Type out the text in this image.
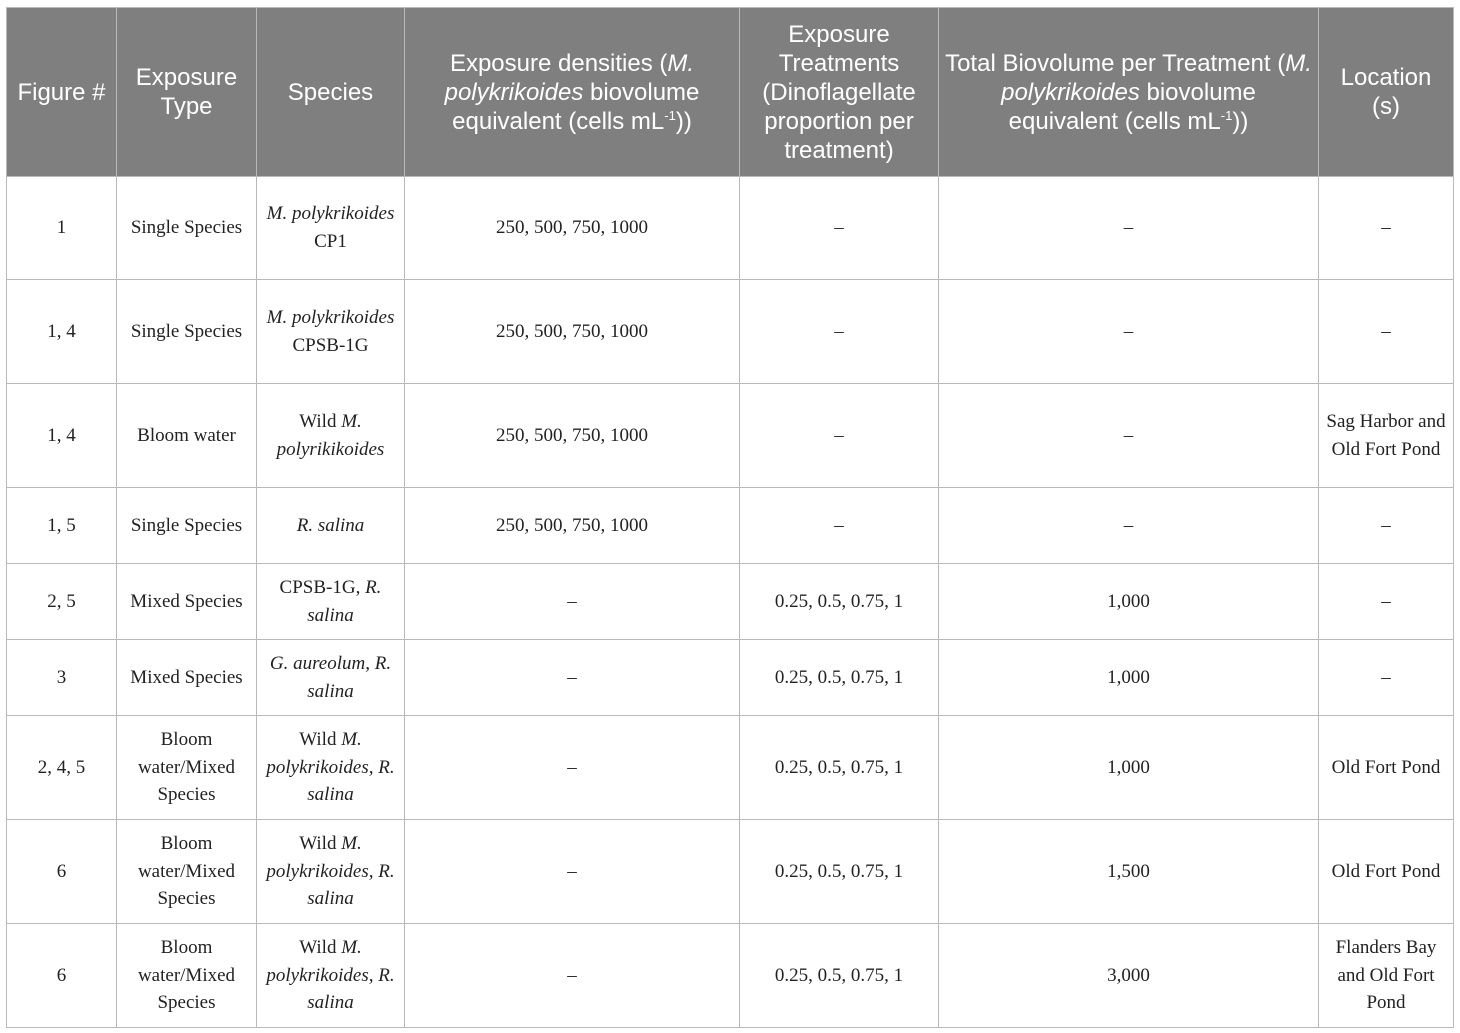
Figure #	Exposure Type	Species	Exposure densities (M. polykrikoides biovolume equivalent (cells $mL^{-1}$))	Exposure Treatments (Dinoflagellate proportion per treatment)	Total Biovolume per Treatment (M. polykrikoides biovolume equivalent (cells $mL^{-1}$))	Location (s)
1	Single Species	M. polykrikoides CP1	250, 500, 750, 1000	–	–	–
1, 4	Single Species	M. polykrikoides CPSB-1G	250, 500, 750, 1000	–	–	–
1, 4	Bloom water	Wild M. polyrikikoides	250, 500, 750, 1000	–	–	Sag Harbor and Old Fort Pond
1, 5	Single Species	R. salina	250, 500, 750, 1000	–	–	–
2, 5	Mixed Species	CPSB-1G, R. salina	–	0.25, 0.5, 0.75, 1	1,000	–
3	Mixed Species	G. aureolum, R. salina	–	0.25, 0.5, 0.75, 1	1,000	–
2, 4, 5	Bloom water/Mixed Species	Wild M. polykrikoides, R. salina	–	0.25, 0.5, 0.75, 1	1,000	Old Fort Pond
6	Bloom water/Mixed Species	Wild M. polykrikoides, R. salina	–	0.25, 0.5, 0.75, 1	1,500	Old Fort Pond
6	Bloom water/Mixed Species	Wild M. polykrikoides, R. salina	–	0.25, 0.5, 0.75, 1	3,000	Flanders Bay and Old Fort Pond
